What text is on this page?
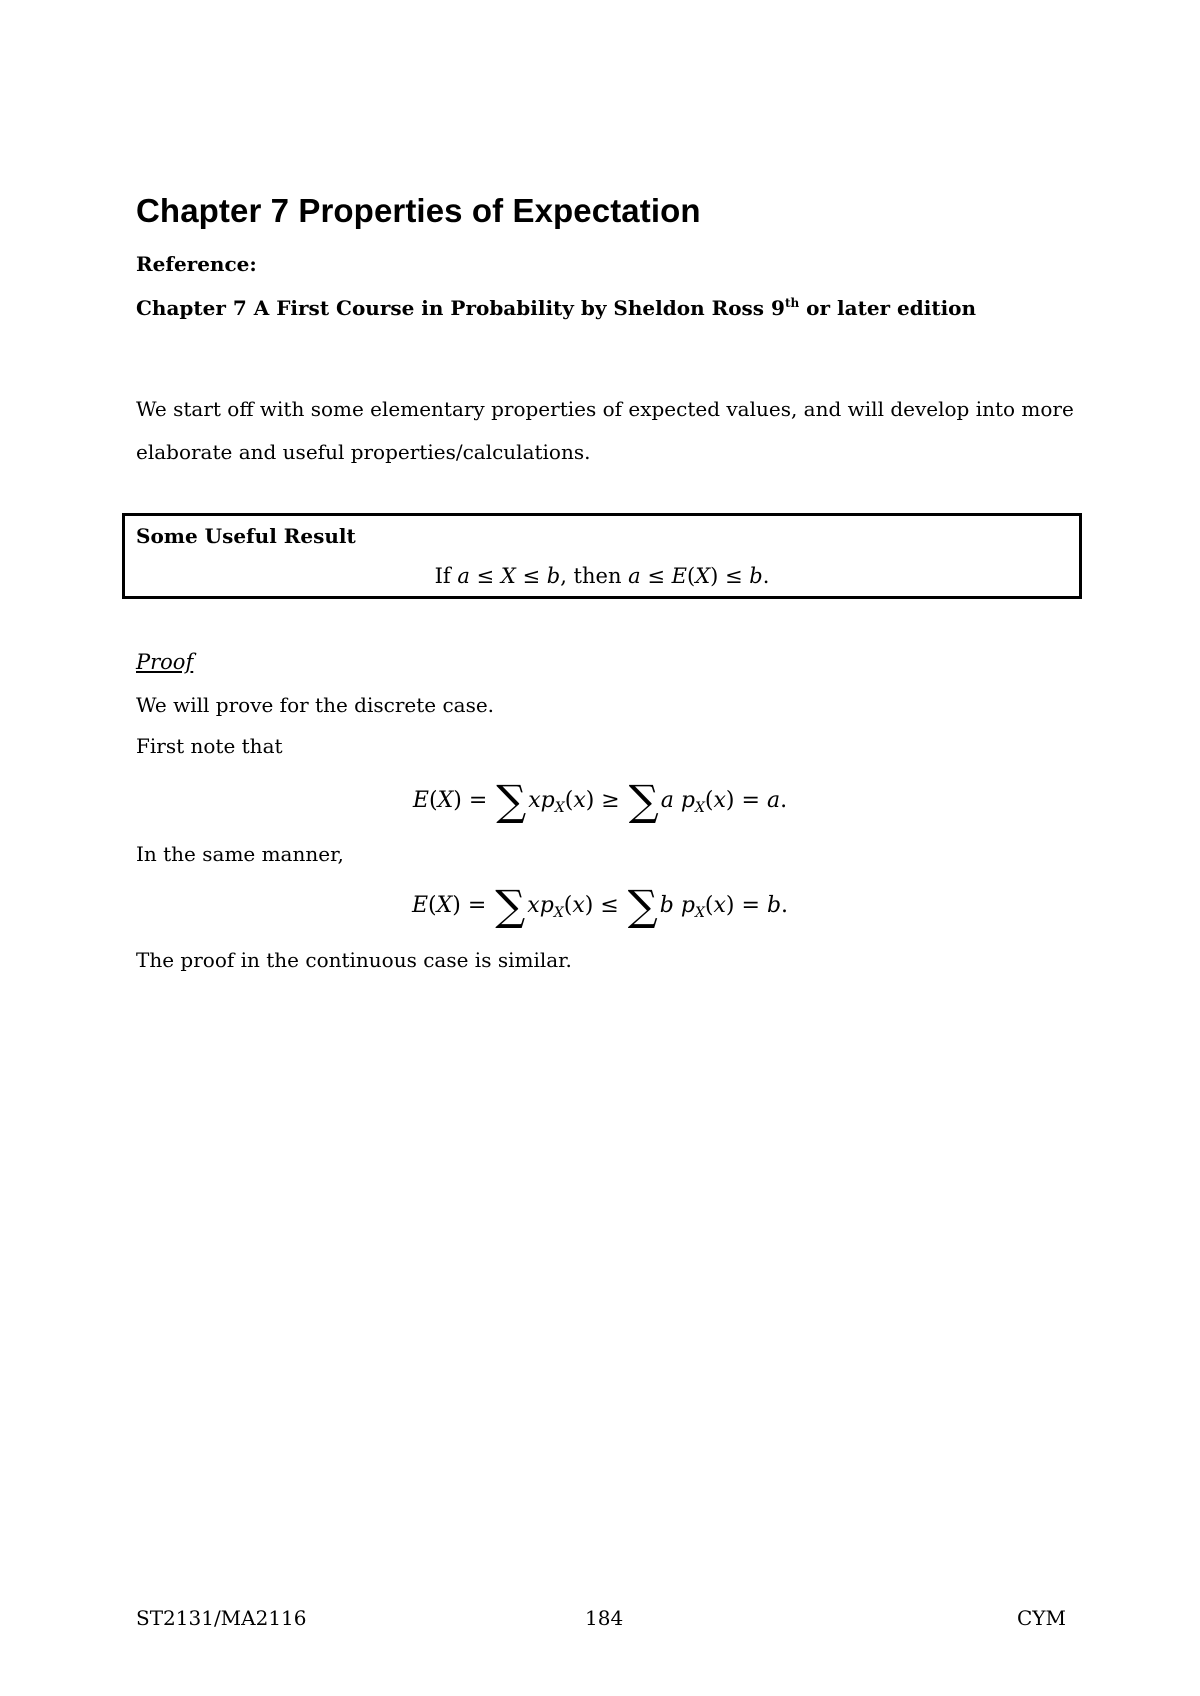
Chapter 7 Properties of Expectation
Reference:
Chapter 7 A First Course in Probability by Sheldon Ross 9th or later edition
We start off with some elementary properties of expected values, and will develop into more
elaborate and useful properties/calculations.
Some Useful Result
If a ≤ X ≤ b, then a ≤ E(X) ≤ b.
Proof
We will prove for the discrete case.
First note that
$E(X) = \sum xp_X(x) \ge \sum a$ $p_X(x) = a$.
In the same manner,
$E(X) = \sum xp_X(x) \le \sum b$ $p_X(x) = b$.
The proof in the continuous case is similar.
ST2131/MA2116	184	CYM
